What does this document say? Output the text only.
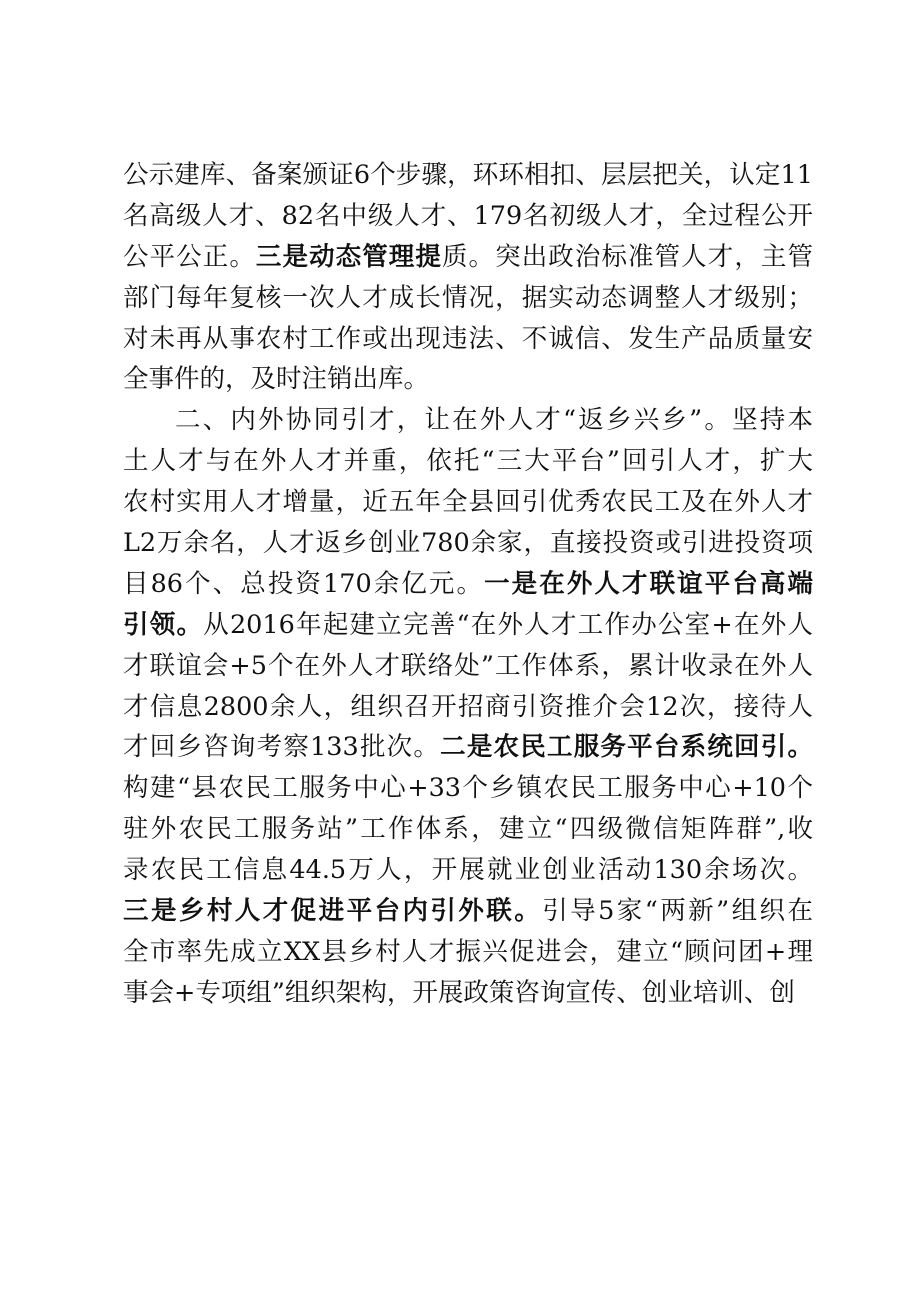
公示建库、备案颁证6个步骤，环环相扣、层层把关，认定11
名高级人才、82名中级人才、179名初级人才，全过程公开
公平公正。三是动态管理提质。突出政治标准管人才，主管
部门每年复核一次人才成长情况，据实动态调整人才级别；
对未再从事农村工作或出现违法、不诚信、发生产品质量安
全事件的，及时注销出库。
二、内外协同引才，让在外人才“返乡兴乡”。坚持本
土人才与在外人才并重，依托“三大平台”回引人才，扩大
农村实用人才增量，近五年全县回引优秀农民工及在外人才
L2万余名，人才返乡创业780余家，直接投资或引进投资项
目86个、总投资170余亿元。一是在外人才联谊平台高端
引领。从2016年起建立完善“在外人才工作办公室+在外人
才联谊会+5个在外人才联络处”工作体系，累计收录在外人
才信息2800余人，组织召开招商引资推介会12次，接待人
才回乡咨询考察133批次。二是农民工服务平台系统回引。
构建“县农民工服务中心+33个乡镇农民工服务中心+10个
驻外农民工服务站”工作体系，建立“四级微信矩阵群”,收
录农民工信息44.5万人，开展就业创业活动130余场次。
三是乡村人才促进平台内引外联。引导5家“两新”组织在
全市率先成立XX县乡村人才振兴促进会，建立“顾问团+理
事会+专项组”组织架构，开展政策咨询宣传、创业培训、创
